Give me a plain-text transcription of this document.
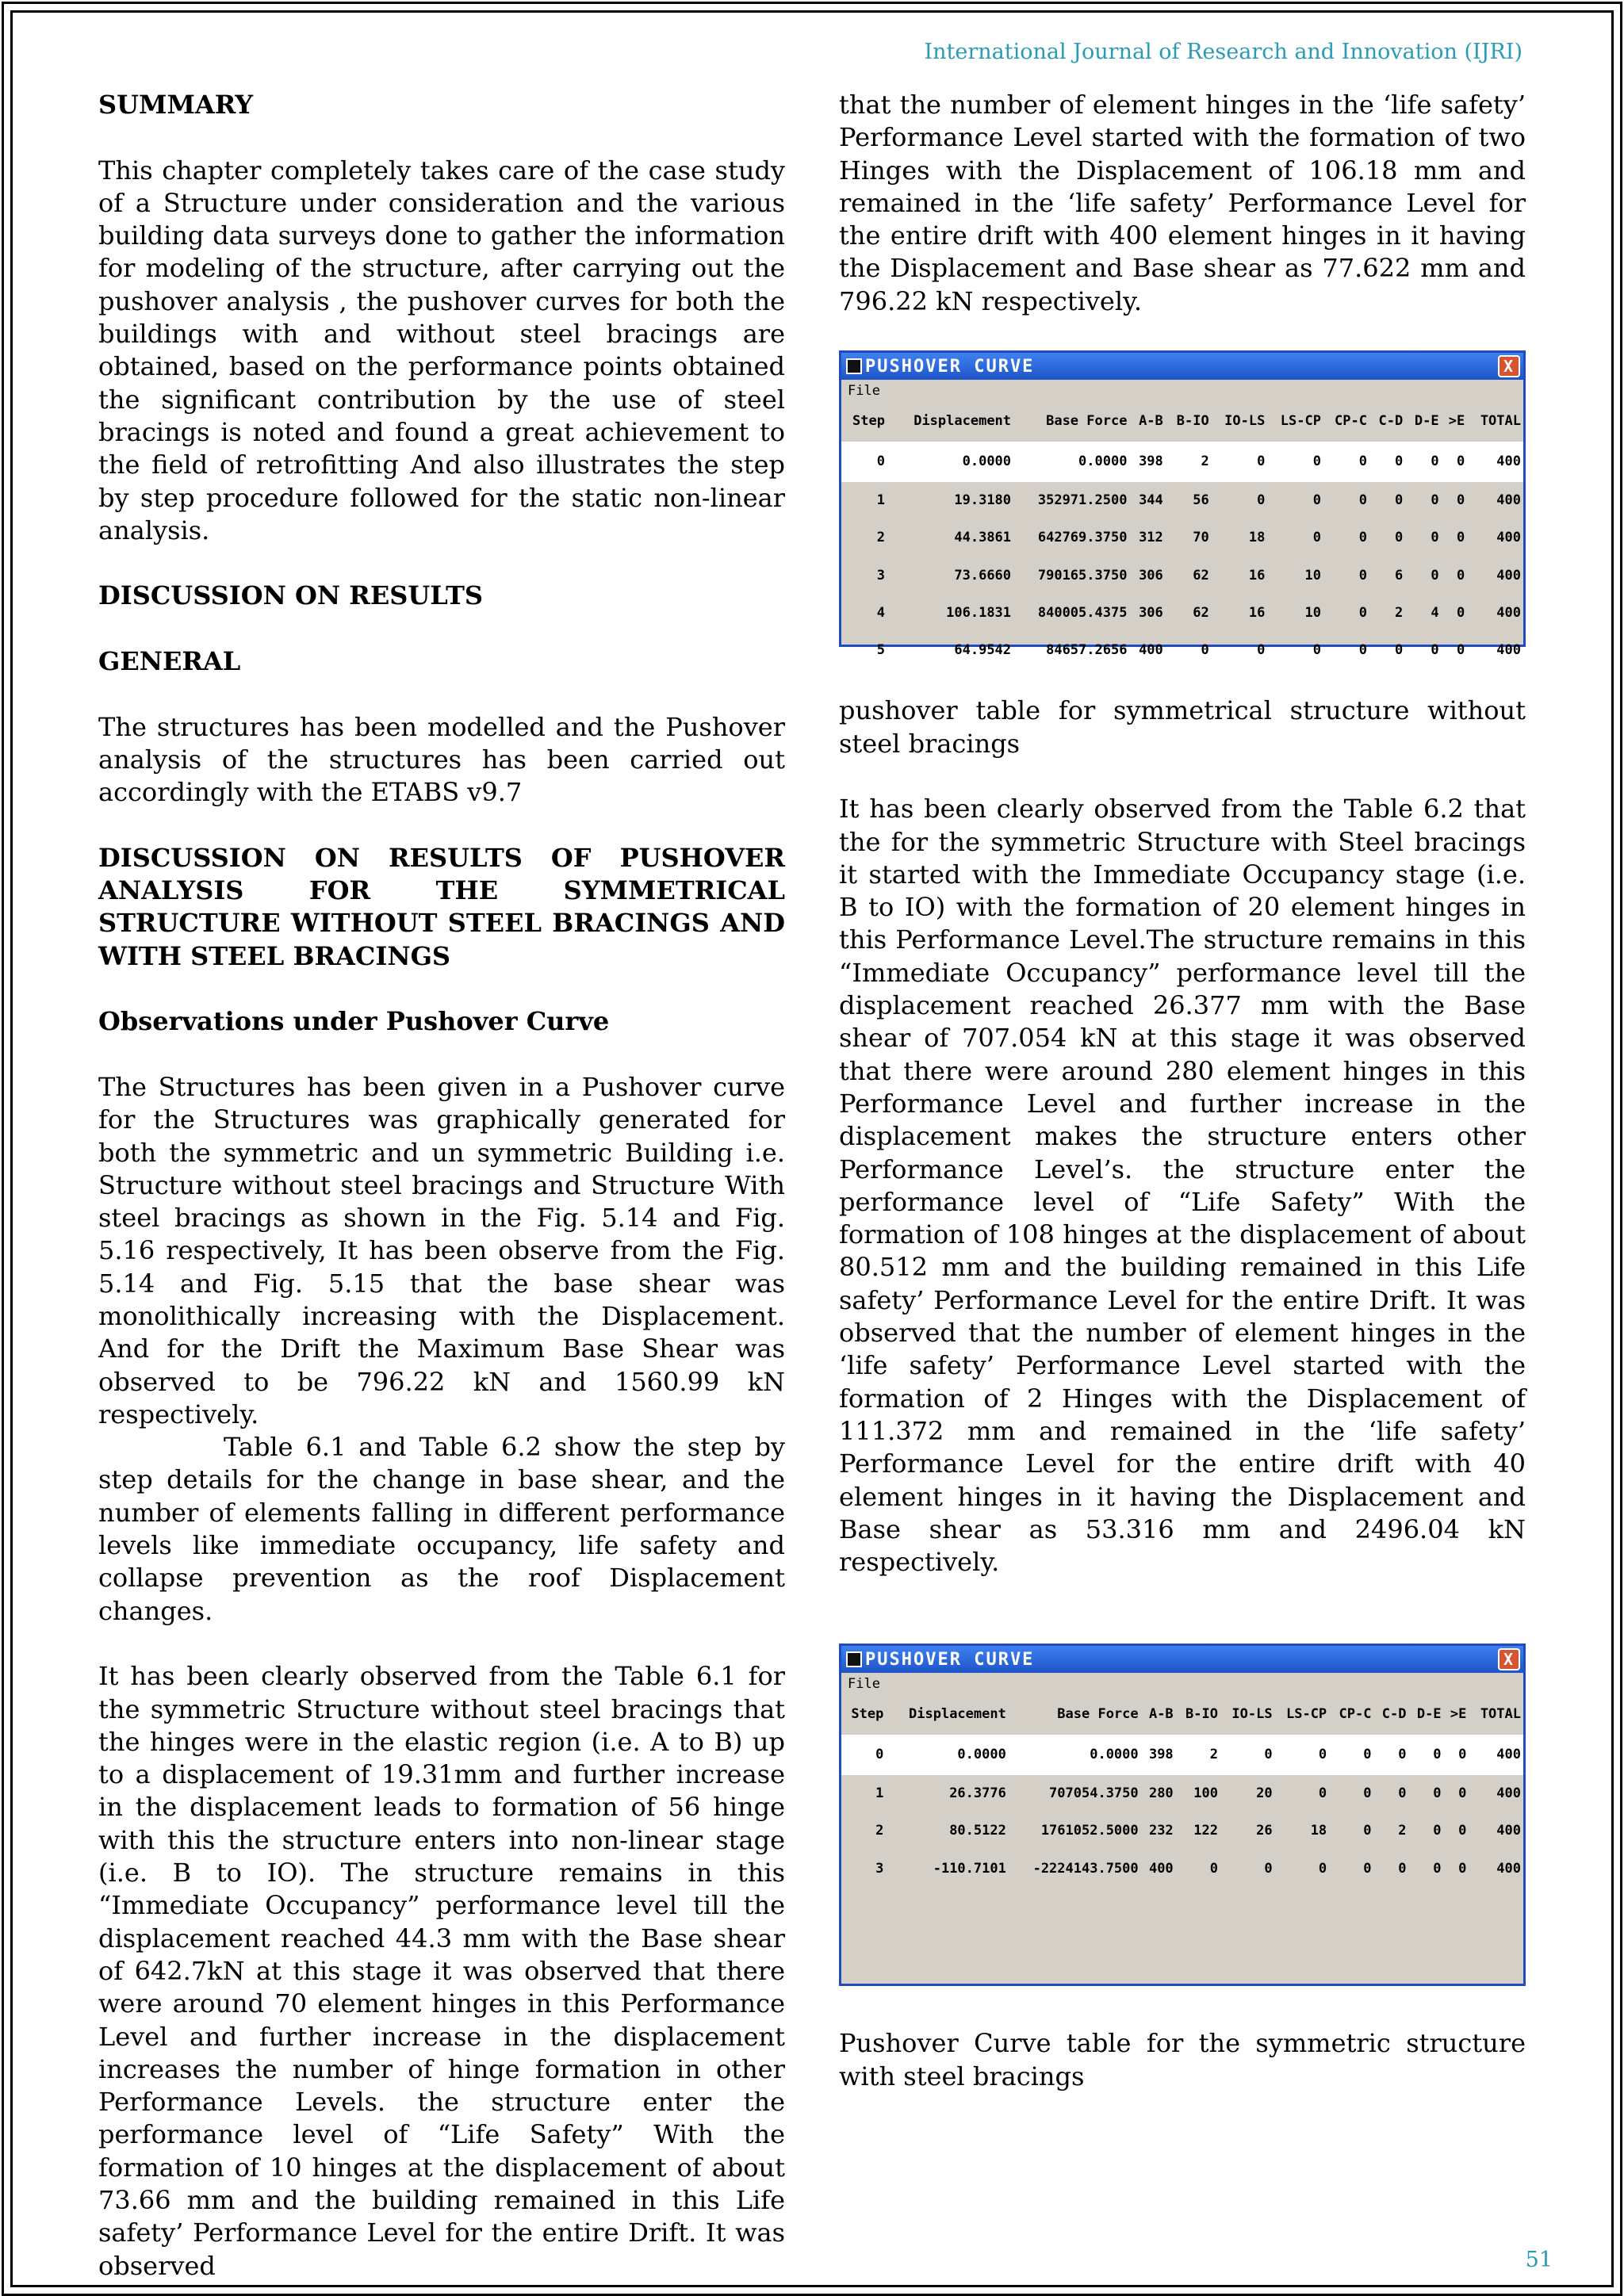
International Journal of Research and Innovation (IJRI)
SUMMARY

This chapter completely takes care of the case study of a Structure under consideration and the various building data surveys done to gather the information for modeling of the structure, after carrying out the pushover analysis , the pushover curves for both the buildings with and without steel bracings are obtained, based on the performance points obtained the significant contribution by the use of steel bracings is noted and found a great achievement to the field of retrofitting And also illustrates the step by step procedure followed for the static non-linear analysis.

DISCUSSION ON RESULTS
GENERAL

The structures has been modelled and the Pushover analysis of the structures has been carried out accordingly with the ETABS v9.7

DISCUSSION ON RESULTS OF PUSHOVER ANALYSIS FOR THE SYMMETRICAL STRUCTURE WITHOUT STEEL BRACINGS AND WITH STEEL BRACINGS
Observations under Pushover Curve

The Structures has been given in a Pushover curve for the Structures was graphically generated for both the symmetric and un symmetric Building i.e. Structure without steel bracings and Structure With steel bracings as shown in the Fig. 5.14 and Fig. 5.16 respectively, It has been observe from the Fig. 5.14 and Fig. 5.15 that the base shear was monolithically increasing with the Displacement. And for the Drift the Maximum Base Shear was observed to be 796.22 kN and 1560.99 kN respectively.

Table 6.1 and Table 6.2 show the step by step details for the change in base shear, and the number of elements falling in different performance levels like immediate occupancy, life safety and collapse prevention as the roof Displacement changes.

It has been clearly observed from the Table 6.1 for the symmetric Structure without steel bracings that the hinges were in the elastic region (i.e. A to B) up to a displacement of 19.31mm and further increase in the displacement leads to formation of 56 hinge with this the structure enters into non-linear stage (i.e. B to IO). The structure remains in this “Immediate Occupancy” performance level till the displacement reached 44.3 mm with the Base shear of 642.7kN at this stage it was observed that there were around 70 element hinges in this Performance Level and further increase in the displacement increases the number of hinge formation in other Performance Levels. the structure enter the performance level of “Life Safety” With the formation of 10 hinges at the displacement of about 73.66 mm and the building remained in this Life safety’ Performance Level for the entire Drift. It was observed

that the number of element hinges in the ‘life safety’ Performance Level started with the formation of two Hinges with the Displacement of 106.18 mm and remained in the ‘life safety’ Performance Level for the entire drift with 400 element hinges in it having the Displacement and Base shear as 77.622 mm and 796.22 kN respectively.

PUSHOVER CURVE	X
File
Step	Displacement	Base Force	A-B	B-IO	IO-LS	LS-CP	CP-C	C-D	D-E	>E	TOTAL
0	0.0000	0.0000	398	2	0	0	0	0	0	0	400
1	19.3180	352971.2500	344	56	0	0	0	0	0	0	400
2	44.3861	642769.3750	312	70	18	0	0	0	0	0	400
3	73.6660	790165.3750	306	62	16	10	0	6	0	0	400
4	106.1831	840005.4375	306	62	16	10	0	2	4	0	400
5	64.9542	84657.2656	400	0	0	0	0	0	0	0	400

pushover table for symmetrical structure without steel bracings

It has been clearly observed from the Table 6.2 that the for the symmetric Structure with Steel bracings it started with the Immediate Occupancy stage (i.e. B to IO) with the formation of 20 element hinges in this Performance Level.The structure remains in this “Immediate Occupancy” performance level till the displacement reached 26.377 mm with the Base shear of 707.054 kN at this stage it was observed that there were around 280 element hinges in this Performance Level and further increase in the displacement makes the structure enters other Performance Level’s. the structure enter the performance level of “Life Safety” With the formation of 108 hinges at the displacement of about 80.512 mm and the building remained in this Life safety’ Performance Level for the entire Drift. It was observed that the number of element hinges in the ‘life safety’ Performance Level started with the formation of 2 Hinges with the Displacement of 111.372 mm and remained in the ‘life safety’ Performance Level for the entire drift with 40 element hinges in it having the Displacement and Base shear as 53.316 mm and 2496.04 kN respectively.

PUSHOVER CURVE	X
File
Step	Displacement	Base Force	A-B	B-IO	IO-LS	LS-CP	CP-C	C-D	D-E	>E	TOTAL
0	0.0000	0.0000	398	2	0	0	0	0	0	0	400
1	26.3776	707054.3750	280	100	20	0	0	0	0	0	400
2	80.5122	1761052.5000	232	122	26	18	0	2	0	0	400
3	-110.7101	-2224143.7500	400	0	0	0	0	0	0	0	400

Pushover Curve table for the symmetric structure with steel bracings

51
